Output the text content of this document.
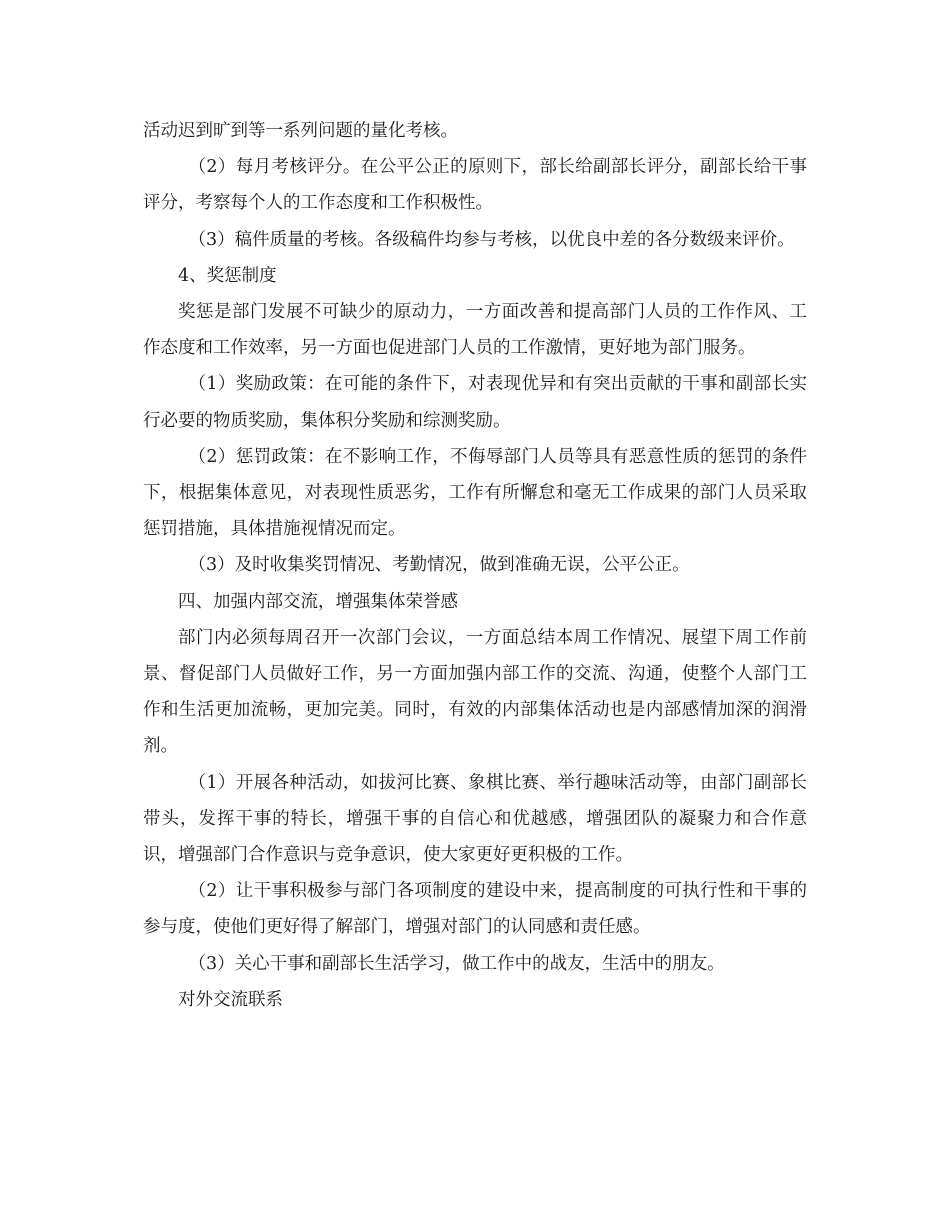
活动迟到旷到等一系列问题的量化考核。

（2）每月考核评分。在公平公正的原则下，部长给副部长评分，副部长给干事评分，考察每个人的工作态度和工作积极性。

（3）稿件质量的考核。各级稿件均参与考核，以优良中差的各分数级来评价。

4、奖惩制度

奖惩是部门发展不可缺少的原动力，一方面改善和提高部门人员的工作作风、工作态度和工作效率，另一方面也促进部门人员的工作激情，更好地为部门服务。

（1）奖励政策：在可能的条件下，对表现优异和有突出贡献的干事和副部长实行必要的物质奖励，集体积分奖励和综测奖励。

（2）惩罚政策：在不影响工作，不侮辱部门人员等具有恶意性质的惩罚的条件下，根据集体意见，对表现性质恶劣，工作有所懈怠和毫无工作成果的部门人员采取惩罚措施，具体措施视情况而定。

（3）及时收集奖罚情况、考勤情况，做到准确无误，公平公正。

四、加强内部交流，增强集体荣誉感

部门内必须每周召开一次部门会议，一方面总结本周工作情况、展望下周工作前景、督促部门人员做好工作，另一方面加强内部工作的交流、沟通，使整个人部门工作和生活更加流畅，更加完美。同时，有效的内部集体活动也是内部感情加深的润滑剂。

（1）开展各种活动，如拔河比赛、象棋比赛、举行趣味活动等，由部门副部长带头，发挥干事的特长，增强干事的自信心和优越感，增强团队的凝聚力和合作意识，增强部门合作意识与竞争意识，使大家更好更积极的工作。

（2）让干事积极参与部门各项制度的建设中来，提高制度的可执行性和干事的参与度，使他们更好得了解部门，增强对部门的认同感和责任感。

（3）关心干事和副部长生活学习，做工作中的战友，生活中的朋友。

对外交流联系
